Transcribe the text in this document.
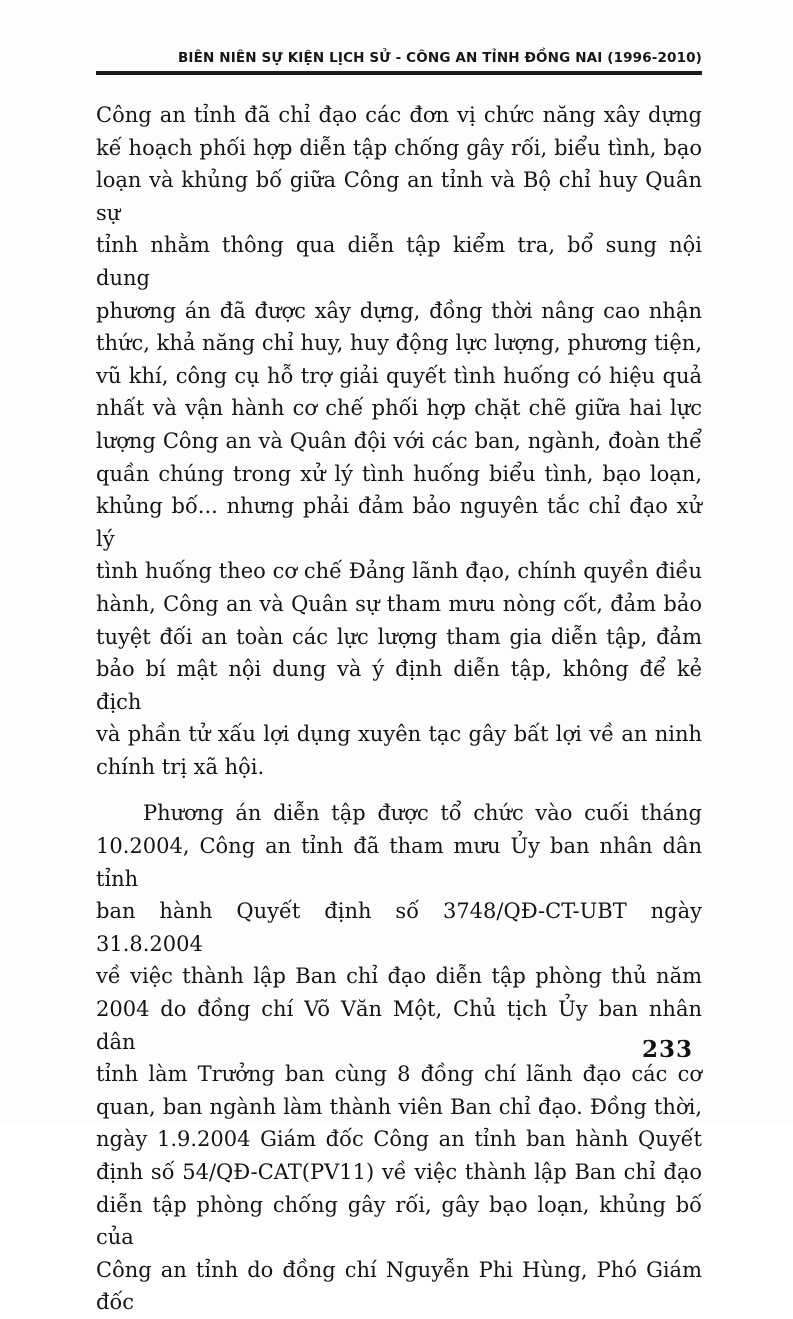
BIÊN NIÊN SỰ KIỆN LỊCH SỬ - CÔNG AN TỈNH ĐỒNG NAI (1996-2010)
Công an tỉnh đã chỉ đạo các đơn vị chức năng xây dựng
kế hoạch phối hợp diễn tập chống gây rối, biểu tình, bạo
loạn và khủng bố giữa Công an tỉnh và Bộ chỉ huy Quân sự
tỉnh nhằm thông qua diễn tập kiểm tra, bổ sung nội dung
phương án đã được xây dựng, đồng thời nâng cao nhận
thức, khả năng chỉ huy, huy động lực lượng, phương tiện,
vũ khí, công cụ hỗ trợ giải quyết tình huống có hiệu quả
nhất và vận hành cơ chế phối hợp chặt chẽ giữa hai lực
lượng Công an và Quân đội với các ban, ngành, đoàn thể
quần chúng trong xử lý tình huống biểu tình, bạo loạn,
khủng bố... nhưng phải đảm bảo nguyên tắc chỉ đạo xử lý
tình huống theo cơ chế Đảng lãnh đạo, chính quyền điều
hành, Công an và Quân sự tham mưu nòng cốt, đảm bảo
tuyệt đối an toàn các lực lượng tham gia diễn tập, đảm
bảo bí mật nội dung và ý định diễn tập, không để kẻ địch
và phần tử xấu lợi dụng xuyên tạc gây bất lợi về an ninh
chính trị xã hội.
Phương án diễn tập được tổ chức vào cuối tháng
10.2004, Công an tỉnh đã tham mưu Ủy ban nhân dân tỉnh
ban hành Quyết định số 3748/QĐ-CT-UBT ngày 31.8.2004
về việc thành lập Ban chỉ đạo diễn tập phòng thủ năm
2004 do đồng chí Võ Văn Một, Chủ tịch Ủy ban nhân dân
tỉnh làm Trưởng ban cùng 8 đồng chí lãnh đạo các cơ
quan, ban ngành làm thành viên Ban chỉ đạo. Đồng thời,
ngày 1.9.2004 Giám đốc Công an tỉnh ban hành Quyết
định số 54/QĐ-CAT(PV11) về việc thành lập Ban chỉ đạo
diễn tập phòng chống gây rối, gây bạo loạn, khủng bố của
Công an tỉnh do đồng chí Nguyễn Phi Hùng, Phó Giám đốc
233
